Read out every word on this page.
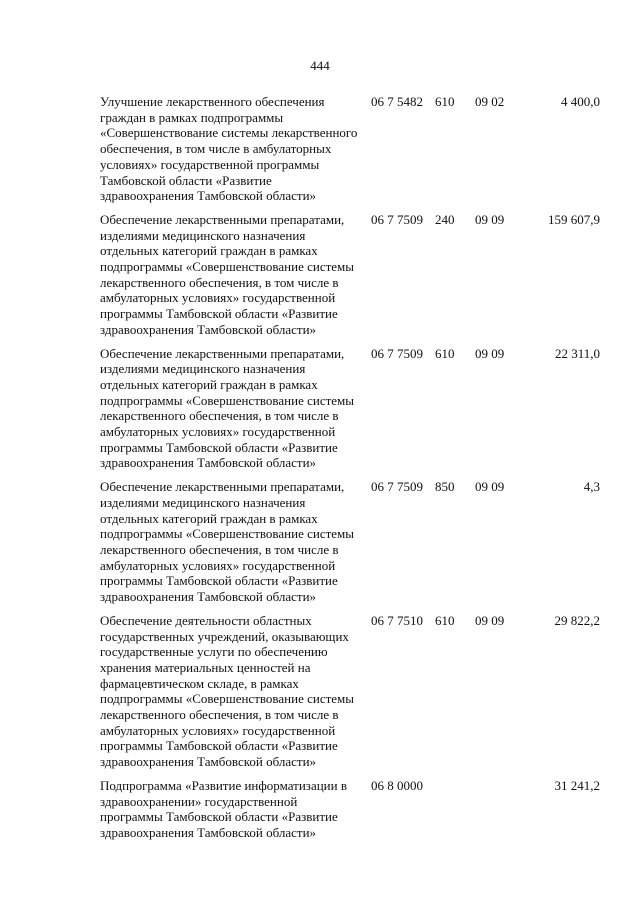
444
Улучшение лекарственного обеспечения граждан в рамках подпрограммы «Совершенствование системы лекарственного обеспечения, в том числе в амбулаторных условиях» государственной программы Тамбовской области «Развитие здравоохранения Тамбовской области»
06 7 5482 610	09 02	4 400,0
Обеспечение лекарственными препаратами, изделиями медицинского назначения отдельных категорий граждан в рамках подпрограммы «Совершенствование системы лекарственного обеспечения, в том числе в амбулаторных условиях» государственной программы Тамбовской области «Развитие здравоохранения Тамбовской области»
06 7 7509 240	09 09	159 607,9
Обеспечение лекарственными препаратами, изделиями медицинского назначения отдельных категорий граждан в рамках подпрограммы «Совершенствование системы лекарственного обеспечения, в том числе в амбулаторных условиях» государственной программы Тамбовской области «Развитие здравоохранения Тамбовской области»
06 7 7509 610	09 09	22 311,0
Обеспечение лекарственными препаратами, изделиями медицинского назначения отдельных категорий граждан в рамках подпрограммы «Совершенствование системы лекарственного обеспечения, в том числе в амбулаторных условиях» государственной программы Тамбовской области «Развитие здравоохранения Тамбовской области»
06 7 7509 850	09 09	4,3
Обеспечение деятельности областных государственных учреждений, оказывающих государственные услуги по обеспечению хранения материальных ценностей на фармацевтическом складе, в рамках подпрограммы «Совершенствование системы лекарственного обеспечения, в том числе в амбулаторных условиях» государственной программы Тамбовской области «Развитие здравоохранения Тамбовской области»
06 7 7510 610	09 09	29 822,2
Подпрограмма «Развитие информатизации в здравоохранении» государственной программы Тамбовской области «Развитие здравоохранения Тамбовской области»
06 8 0000	31 241,2
